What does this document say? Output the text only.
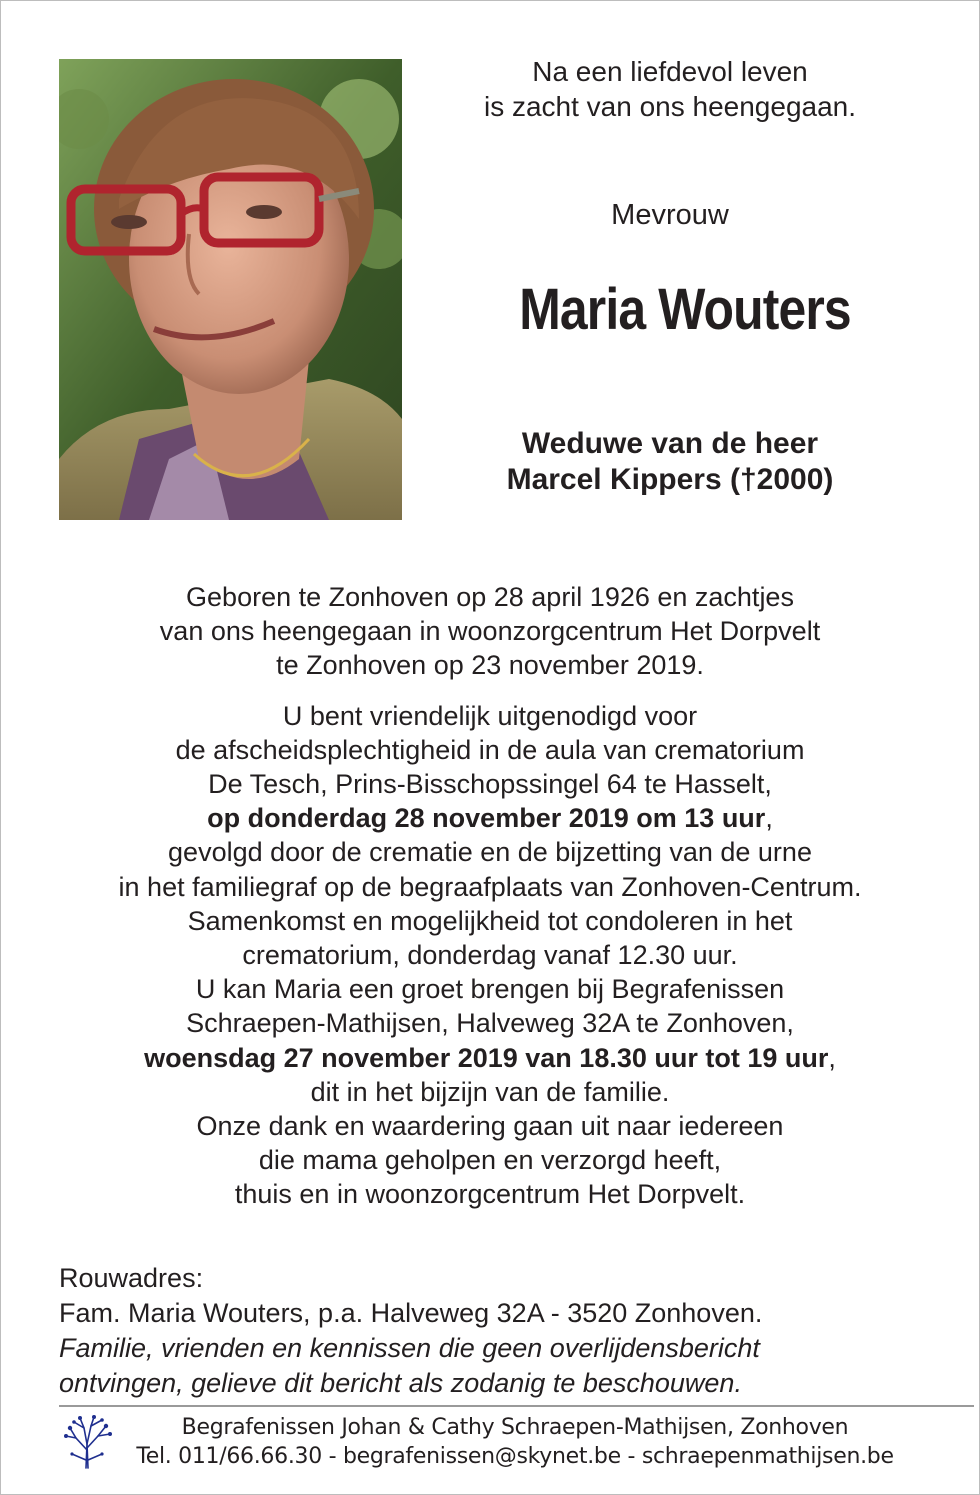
Na een liefdevol leven
is zacht van ons heengegaan.
Mevrouw
Maria Wouters
Weduwe van de heer
Marcel Kippers (†2000)
Geboren te Zonhoven op 28 april 1926 en zachtjes
van ons heengegaan in woonzorgcentrum Het Dorpvelt
te Zonhoven op 23 november 2019.
U bent vriendelijk uitgenodigd voor
de afscheidsplechtigheid in de aula van crematorium
De Tesch, Prins-Bisschopssingel 64 te Hasselt,
op donderdag 28 november 2019 om 13 uur,
gevolgd door de crematie en de bijzetting van de urne
in het familiegraf op de begraafplaats van Zonhoven-Centrum.
Samenkomst en mogelijkheid tot condoleren in het
crematorium, donderdag vanaf 12.30 uur.
U kan Maria een groet brengen bij Begrafenissen
Schraepen-Mathijsen, Halveweg 32A te Zonhoven,
woensdag 27 november 2019 van 18.30 uur tot 19 uur,
dit in het bijzijn van de familie.
Onze dank en waardering gaan uit naar iedereen
die mama geholpen en verzorgd heeft,
thuis en in woonzorgcentrum Het Dorpvelt.
Rouwadres:
Fam. Maria Wouters, p.a. Halveweg 32A - 3520 Zonhoven.
Familie, vrienden en kennissen die geen overlijdensbericht
ontvingen, gelieve dit bericht als zodanig te beschouwen.
Begrafenissen Johan & Cathy Schraepen-Mathijsen, Zonhoven
Tel. 011/66.66.30 - begrafenissen@skynet.be - schraepenmathijsen.be
